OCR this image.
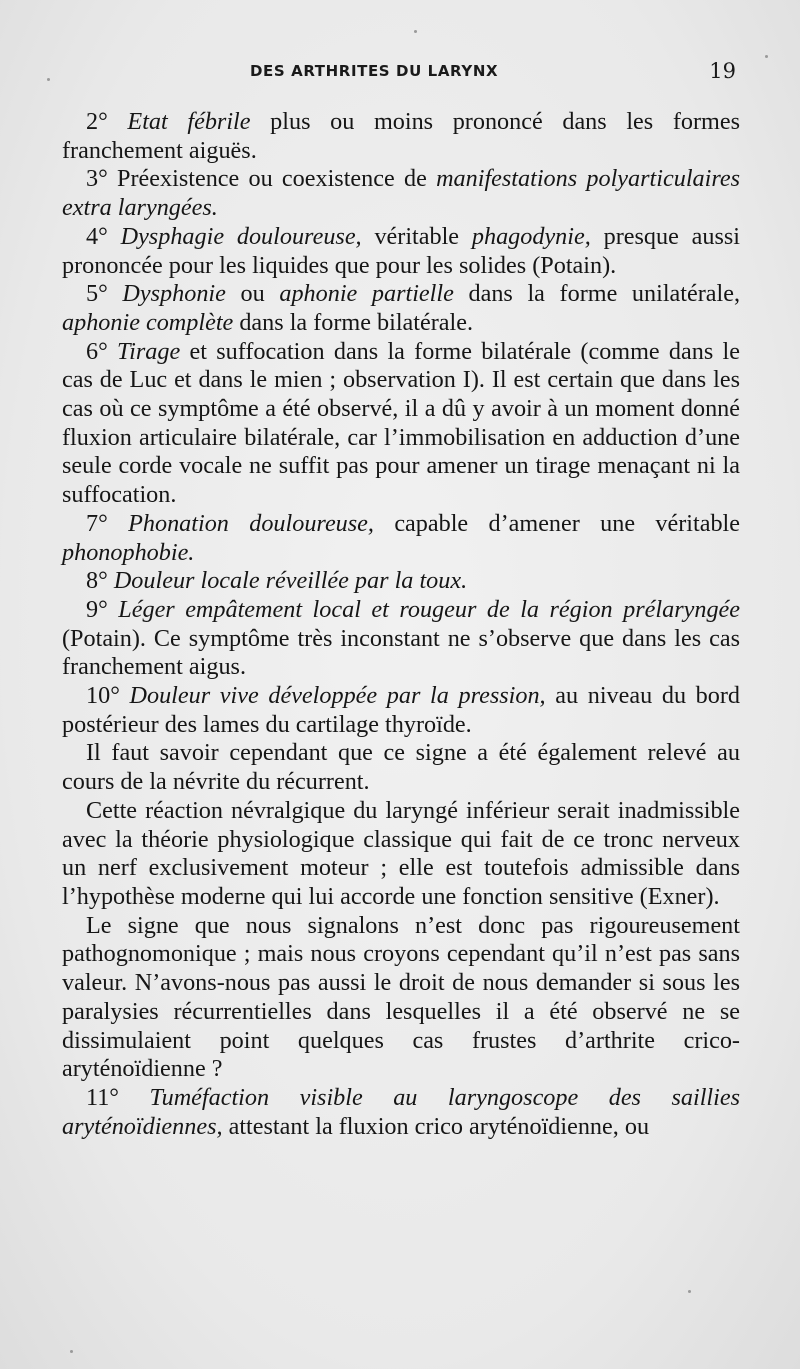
DES ARTHRITES DU LARYNX	19

2° Etat fébrile plus ou moins prononcé dans les formes franchement aiguës.

3° Préexistence ou coexistence de manifestations polyarticulaires extra laryngées.

4° Dysphagie douloureuse, véritable phagodynie, presque aussi prononcée pour les liquides que pour les solides (Potain).

5° Dysphonie ou aphonie partielle dans la forme unilatérale, aphonie complète dans la forme bilatérale.

6° Tirage et suffocation dans la forme bilatérale (comme dans le cas de Luc et dans le mien ; observation I). Il est certain que dans les cas où ce symptôme a été observé, il a dû y avoir à un moment donné fluxion articulaire bilatérale, car l’immobilisation en adduction d’une seule corde vocale ne suffit pas pour amener un tirage menaçant ni la suffocation.

7° Phonation douloureuse, capable d’amener une véritable phonophobie.

8° Douleur locale réveillée par la toux.

9° Léger empâtement local et rougeur de la région prélaryngée (Potain). Ce symptôme très inconstant ne s’observe que dans les cas franchement aigus.

10° Douleur vive développée par la pression, au niveau du bord postérieur des lames du cartilage thyroïde.

Il faut savoir cependant que ce signe a été également relevé au cours de la névrite du récurrent.

Cette réaction névralgique du laryngé inférieur serait inadmissible avec la théorie physiologique classique qui fait de ce tronc nerveux un nerf exclusivement moteur ; elle est toutefois admissible dans l’hypothèse moderne qui lui accorde une fonction sensitive (Exner).

Le signe que nous signalons n’est donc pas rigoureusement pathognomonique ; mais nous croyons cependant qu’il n’est pas sans valeur. N’avons-nous pas aussi le droit de nous demander si sous les paralysies récurrentielles dans lesquelles il a été observé ne se dissimulaient point quelques cas frustes d’arthrite crico-aryténoïdienne ?

11° Tuméfaction visible au laryngoscope des saillies aryténoïdiennes, attestant la fluxion crico aryténoïdienne, ou
